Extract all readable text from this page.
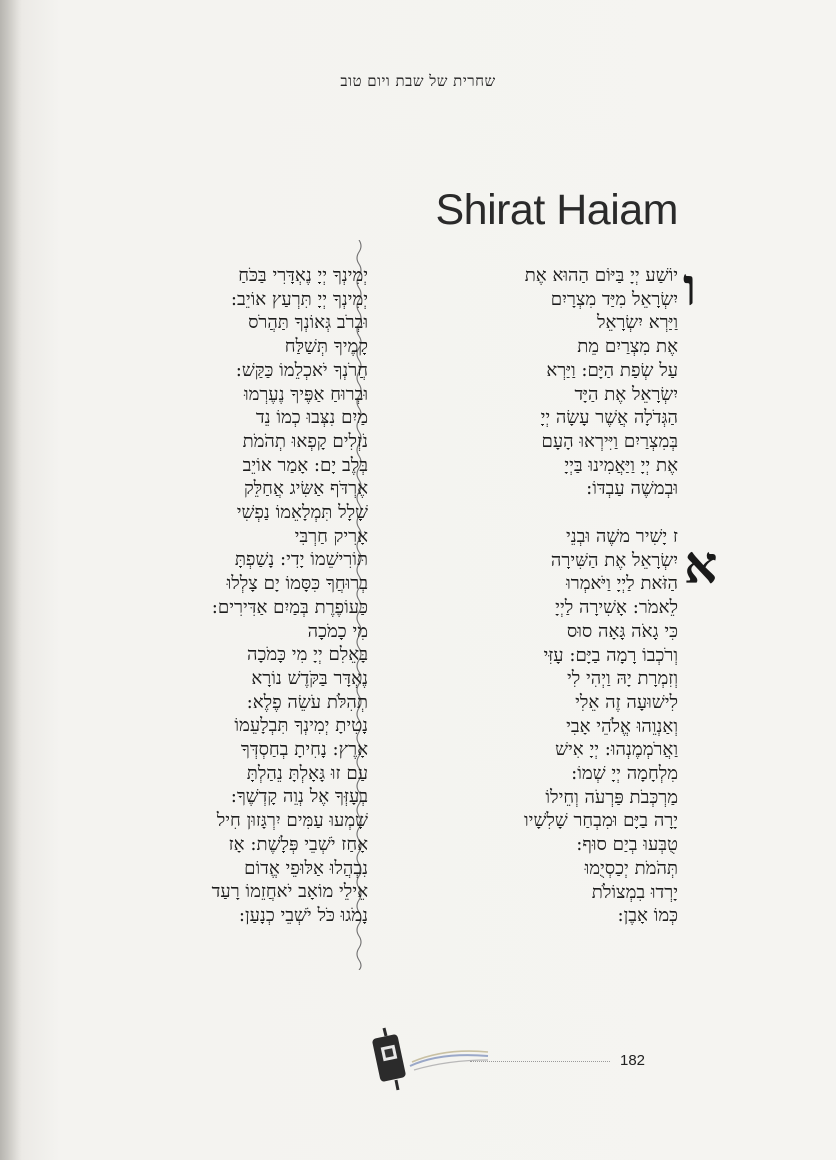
שחרית של שבת ויום טוב
Shirat Haiam
ו
א
יוֹשַׁע יְיָ בַּיּוֹם הַהוּא אֶת
יִשְׂרָאֵל מִיַּד מִצְרָיִם
וַיַּרְא יִשְׂרָאֵל
אֶת מִצְרַיִם מֵת
עַל שְׂפַת הַיָּם: וַיַּרְא
יִשְׂרָאֵל אֶת הַיָּד
הַגְּדֹלָה אֲשֶׁר עָשָׂה יְיָ
בְּמִצְרַיִם וַיִּירְאוּ הָעָם
אֶת יְיָ וַיַּאֲמִינוּ בַּיְיָ
וּבְמשֶׁה עַבְדּוֹ:
ז יָשִׁיר משֶׁה וּבְנֵי
יִשְׂרָאֵל אֶת הַשִּׁירָה
הַזֹּאת לַיְיָ וַיֹּאמְרוּ
לֵאמֹר: אָשִׁירָה לַיְיָ
כִּי גָאֹה גָּאָה סוּס
וְרֹכְבוֹ רָמָה בַיָּם: עָזִּי
וְזִמְרָת יָהּ וַיְהִי לִי
לִישׁוּעָה זֶה אֵלִי
וְאַנְוֵהוּ אֱלֹהֵי אָבִי
וַאֲרֹמְמֶנְהוּ: יְיָ אִישׁ
מִלְחָמָה יְיָ שְׁמוֹ:
מַרְכְּבֹת פַּרְעֹה וְחֵילוֹ
יָרָה בַיָּם וּמִבְחַר שָׁלִשָׁיו
טֻבְּעוּ בְיַם סוּף:
תְּהֹמֹת יְכַסְיֻמוּ
יָרְדוּ בִמְצוֹלֹת
כְּמוֹ אָבֶן:
יְמִינְךָ יְיָ נֶאְדָּרִי בַּכֹּחַ
יְמִינְךָ יְיָ תִּרְעַץ אוֹיֵב:
וּבְרֹב גְּאוֹנְךָ תַּהֲרֹס
קָמֶיךָ תְּשַׁלַּח
חֲרֹנְךָ יֹאכְלֵמוֹ כַּקַּשׁ:
וּבְרוּחַ אַפֶּיךָ נֶעֶרְמוּ
מַיִם נִצְּבוּ כְמוֹ נֵד
נֹזְלִים קָפְאוּ תְהֹמֹת
בְּלֶב יָם: אָמַר אוֹיֵב
אֶרְדֹּף אַשִּׂיג אֲחַלֵּק
שָׁלָל תִּמְלָאֵמוֹ נַפְשִׁי
אָרִיק חַרְבִּי
תּוֹרִישֵׁמוֹ יָדִי: נָשַׁפְתָּ
בְרוּחֲךָ כִּסָּמוֹ יָם צָלְלוּ
כַּעוֹפֶרֶת בְּמַיִם אַדִּירִים:
מִי כָמֹכָה
בָּאֵלִם יְיָ מִי כָּמֹכָה
נֶאְדָּר בַּקֹּדֶשׁ נוֹרָא
תְהִלֹּת עֹשֵׂה פֶלֶא:
נָטִיתָ יְמִינְךָ תִּבְלָעֵמוֹ
אָרֶץ: נָחִיתָ בְחַסְדְּךָ
עַם זוּ גָּאָלְתָּ נֵהַלְתָּ
בְעָזְּךָ אֶל נְוֵה קָדְשֶׁךָ:
שָׁמְעוּ עַמִּים יִרְגָּזוּן חִיל
אָחַז יֹשְׁבֵי פְּלָשֶׁת: אָז
נִבְהֲלוּ אַלּוּפֵי אֱדוֹם
אֵילֵי מוֹאָב יֹאחֲזֵמוֹ רָעַד
נָמֹגוּ כֹּל יֹשְׁבֵי כְנָעַן:
182
